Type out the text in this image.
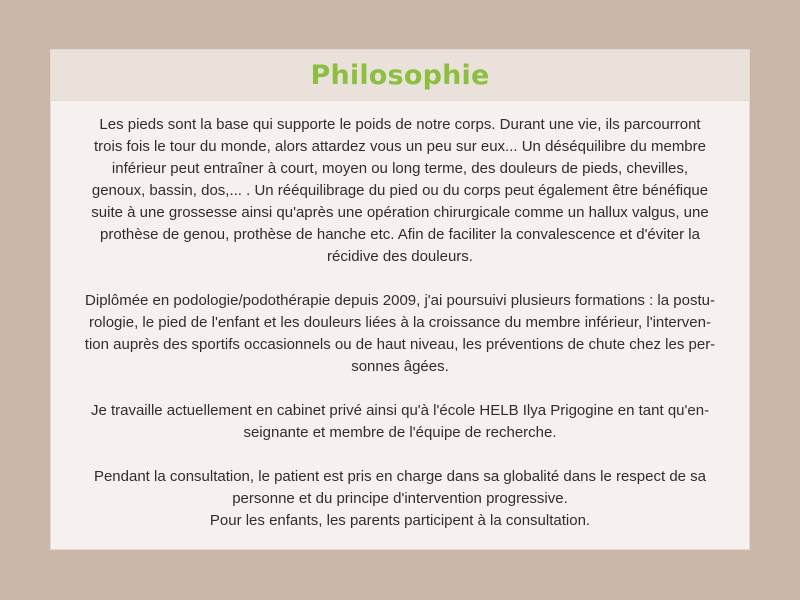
Philosophie

Les pieds sont la base qui supporte le poids de notre corps. Durant une vie, ils parcourront
trois fois le tour du monde, alors attardez vous un peu sur eux... Un déséquilibre du membre
inférieur peut entraîner à court, moyen ou long terme, des douleurs de pieds, chevilles,
genoux, bassin, dos,... . Un rééquilibrage du pied ou du corps peut également être bénéfique
suite à une grossesse ainsi qu'après une opération chirurgicale comme un hallux valgus, une
prothèse de genou, prothèse de hanche etc. Afin de faciliter la convalescence et d'éviter la
récidive des douleurs.

Diplômée en podologie/podothérapie depuis 2009, j'ai poursuivi plusieurs formations : la postu-
rologie, le pied de l'enfant et les douleurs liées à la croissance du membre inférieur, l'interven-
tion auprès des sportifs occasionnels ou de haut niveau, les préventions de chute chez les per-
sonnes âgées.

Je travaille actuellement en cabinet privé ainsi qu'à l'école HELB Ilya Prigogine en tant qu'en-
seignante et membre de l'équipe de recherche.

Pendant la consultation, le patient est pris en charge dans sa globalité dans le respect de sa
personne et du principe d'intervention progressive.
Pour les enfants, les parents participent à la consultation.
